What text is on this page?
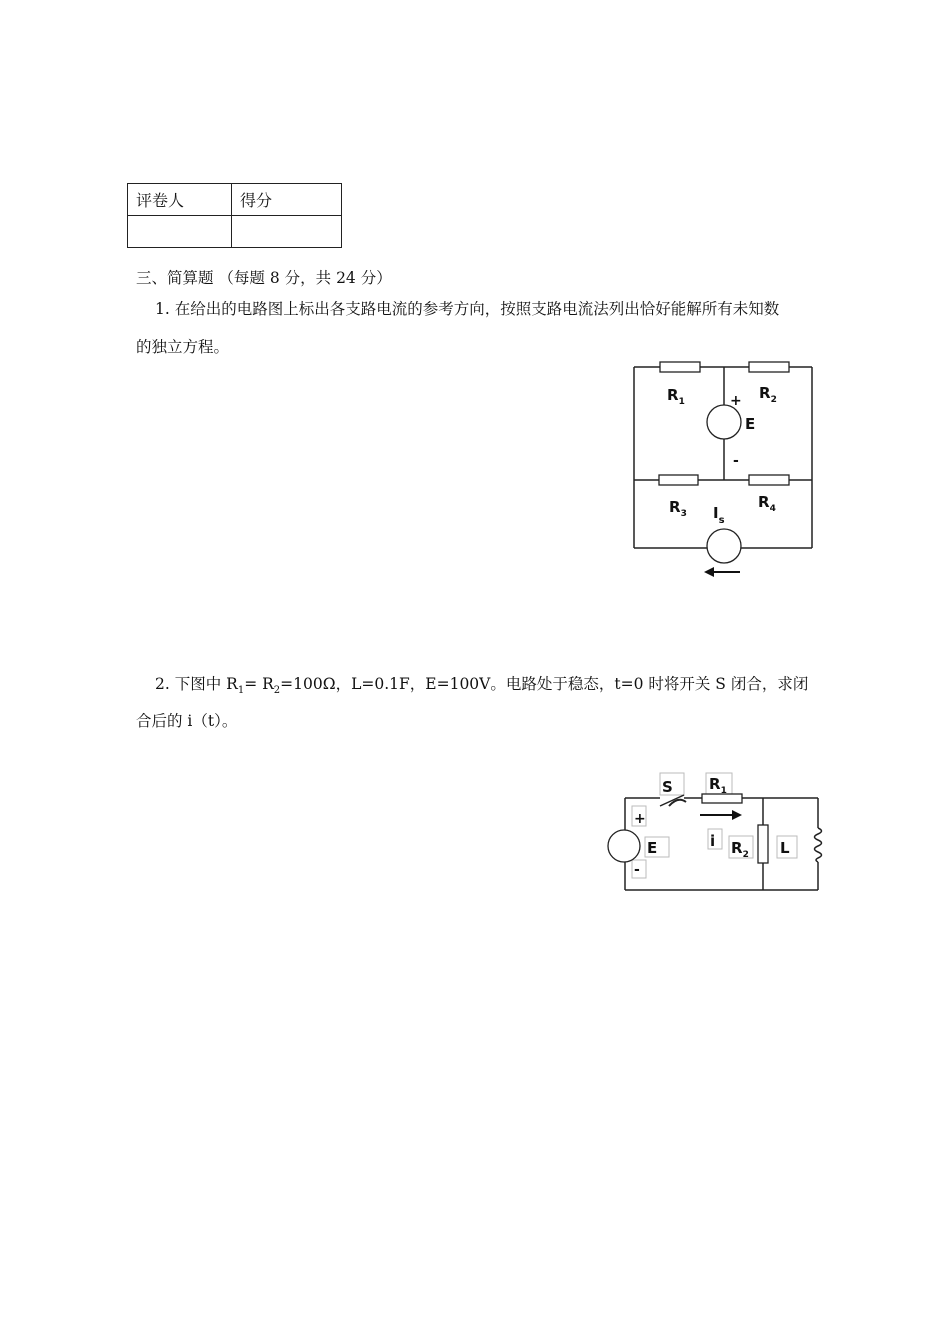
评卷人	得分

三、简算题 （每题 8 分，共 24 分）
1. 在给出的电路图上标出各支路电流的参考方向，按照支路电流法列出恰好能解所有未知数
的独立方程。
$R_1$	$R_2$
+
E
-
$R_3$
$R_4$
$I_s$
2. 下图中 $R_1= R_2=100\Omega$，L=0.1F，E=100V。电路处于稳态，t=0 时将开关 S 闭合，求闭
合后的 i（t）。
S $R_1$
+
E	i $R_2$ L
-
